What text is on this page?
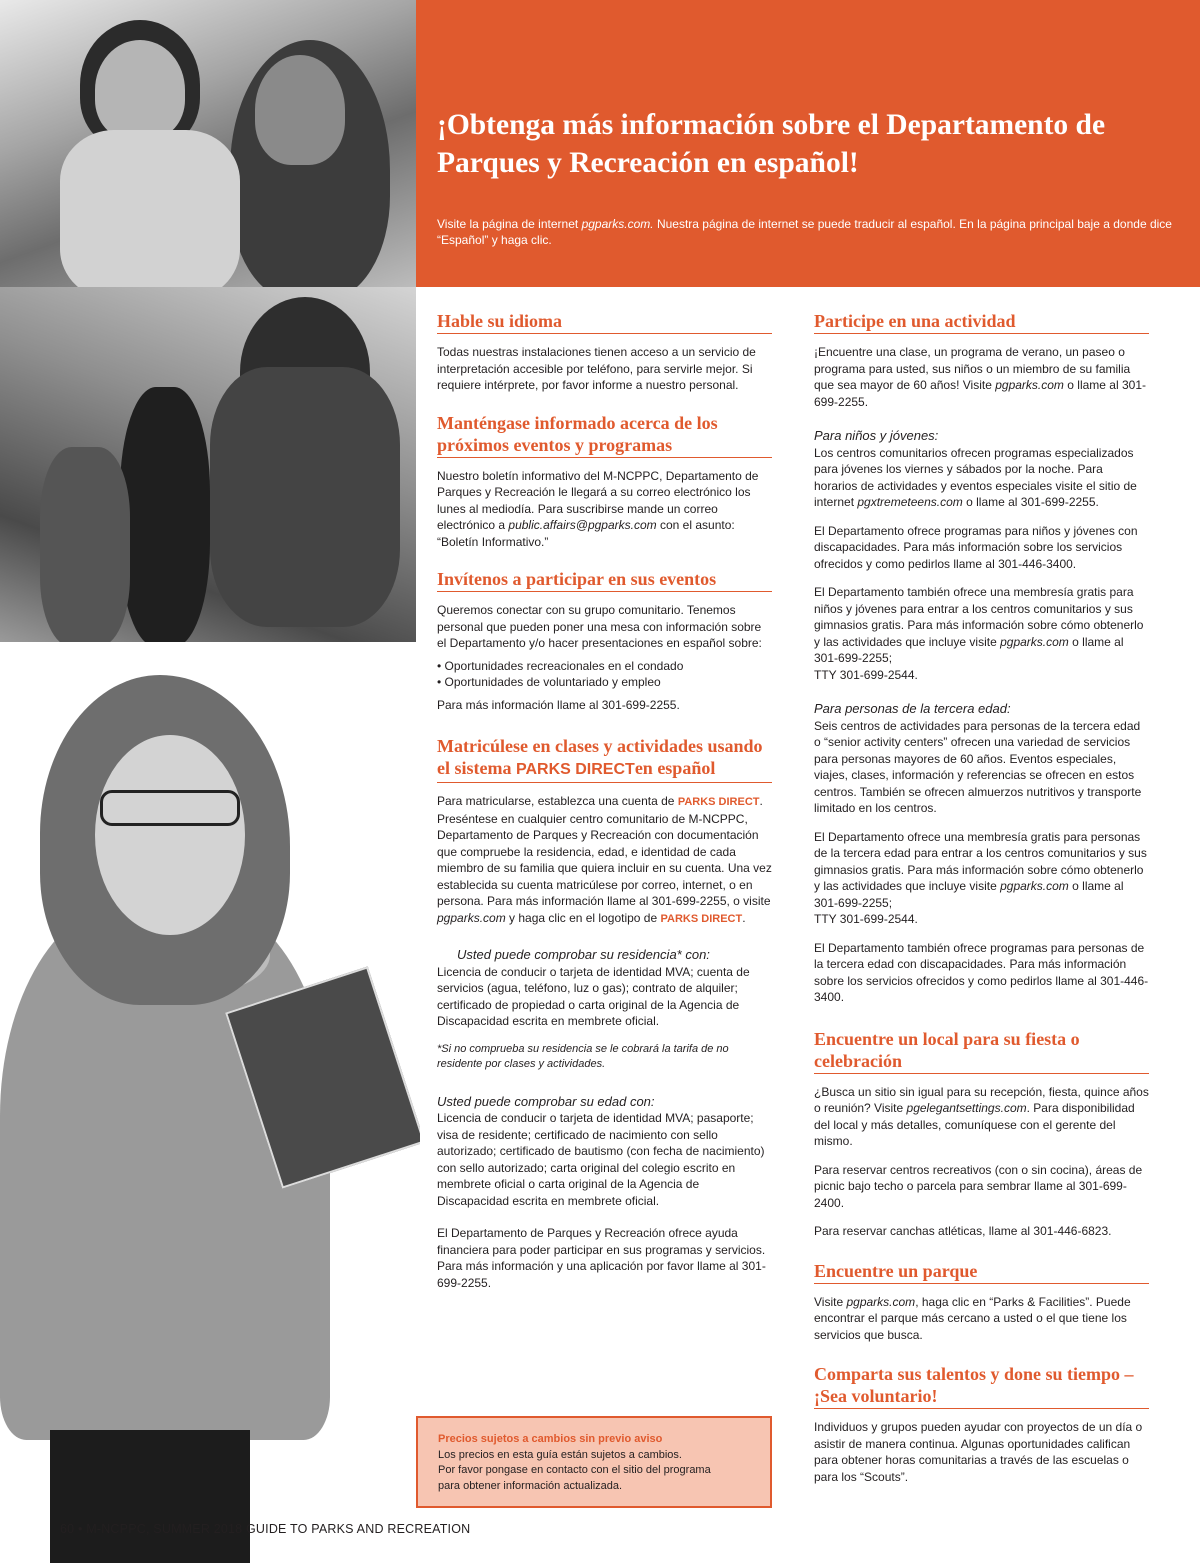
¡Obtenga más información sobre el Departamento de Parques y Recreación en español!

Visite la página de internet pgparks.com. Nuestra página de internet se puede traducir al español. En la página principal baje a donde dice “Español” y haga clic.

Hable su idioma

Todas nuestras instalaciones tienen acceso a un servicio de interpretación accesible por teléfono, para servirle mejor. Si requiere intérprete, por favor informe a nuestro personal.

Manténgase informado acerca de los próximos eventos y programas

Nuestro boletín informativo del M-NCPPC, Departamento de Parques y Recreación le llegará a su correo electrónico los lunes al mediodía. Para suscribirse mande un correo electrónico a public.affairs@pgparks.com con el asunto: “Boletín Informativo.”

Invítenos a participar en sus eventos

Queremos conectar con su grupo comunitario. Tenemos personal que pueden poner una mesa con información sobre el Departamento y/o hacer presentaciones en español sobre:

• Oportunidades recreacionales en el condado
• Oportunidades de voluntariado y empleo

Para más información llame al 301-699-2255.

Matricúlese en clases y actividades usando el sistema PARKS DIRECTen español

Para matricularse, establezca una cuenta de PARKS DIRECT. Preséntese en cualquier centro comunitario de M-NCPPC, Departamento de Parques y Recreación con documentación que compruebe la residencia, edad, e identidad de cada miembro de su familia que quiera incluir en su cuenta. Una vez establecida su cuenta matricúlese por correo, internet, o en persona. Para más información llame al 301-699-2255, o visite pgparks.com y haga clic en el logotipo de PARKS DIRECT.

Usted puede comprobar su residencia* con:

Licencia de conducir o tarjeta de identidad MVA; cuenta de servicios (agua, teléfono, luz o gas); contrato de alquiler; certificado de propiedad o carta original de la Agencia de Discapacidad escrita en membrete oficial.

*Si no comprueba su residencia se le cobrará la tarifa de no residente por clases y actividades.

Usted puede comprobar su edad con:

Licencia de conducir o tarjeta de identidad MVA; pasaporte; visa de residente; certificado de nacimiento con sello autorizado; certificado de bautismo (con fecha de nacimiento) con sello autorizado; carta original del colegio escrito en membrete oficial o carta original de la Agencia de Discapacidad escrita en membrete oficial.

El Departamento de Parques y Recreación ofrece ayuda financiera para poder participar en sus programas y servicios. Para más información y una aplicación por favor llame al 301-699-2255.

Participe en una actividad

¡Encuentre una clase, un programa de verano, un paseo o programa para usted, sus niños o un miembro de su familia que sea mayor de 60 años! Visite pgparks.com o llame al 301-699-2255.

Para niños y jóvenes:

Los centros comunitarios ofrecen programas especializados para jóvenes los viernes y sábados por la noche. Para horarios de actividades y eventos especiales visite el sitio de internet pgxtremeteens.com o llame al 301-699-2255.

El Departamento ofrece programas para niños y jóvenes con discapacidades. Para más información sobre los servicios ofrecidos y como pedirlos llame al 301-446-3400.

El Departamento también ofrece una membresía gratis para niños y jóvenes para entrar a los centros comunitarios y sus gimnasios gratis. Para más información sobre cómo obtenerlo y las actividades que incluye visite pgparks.com o llame al 301-699-2255;
TTY 301-699-2544.

Para personas de la tercera edad:

Seis centros de actividades para personas de la tercera edad o “senior activity centers” ofrecen una variedad de servicios para personas mayores de 60 años. Eventos especiales, viajes, clases, información y referencias se ofrecen en estos centros. También se ofrecen almuerzos nutritivos y transporte limitado en los centros.

El Departamento ofrece una membresía gratis para personas de la tercera edad para entrar a los centros comunitarios y sus gimnasios gratis. Para más información sobre cómo obtenerlo y las actividades que incluye visite pgparks.com o llame al 301-699-2255;
TTY 301-699-2544.

El Departamento también ofrece programas para personas de la tercera edad con discapacidades. Para más información sobre los servicios ofrecidos y como pedirlos llame al 301-446-3400.

Encuentre un local para su fiesta o celebración

¿Busca un sitio sin igual para su recepción, fiesta, quince años o reunión? Visite pgelegantsettings.com. Para disponibilidad del local y más detalles, comuníquese con el gerente del mismo.

Para reservar centros recreativos (con o sin cocina), áreas de picnic bajo techo o parcela para sembrar llame al 301-699-2400.

Para reservar canchas atléticas, llame al 301-446-6823.

Encuentre un parque

Visite pgparks.com, haga clic en “Parks & Facilities”. Puede encontrar el parque más cercano a usted o el que tiene los servicios que busca.

Comparta sus talentos y done su tiempo – ¡Sea voluntario!

Individuos y grupos pueden ayudar con proyectos de un día o asistir de manera continua. Algunas oportunidades califican para obtener horas comunitarias a través de las escuelas o para los “Scouts”.

Precios sujetos a cambios sin previo aviso
Los precios en esta guía están sujetos a cambios.
Por favor pongase en contacto con el sitio del programa
para obtener información actualizada.
60 • M-NCPPC, SUMMER 2018 GUIDE TO PARKS AND RECREATION
